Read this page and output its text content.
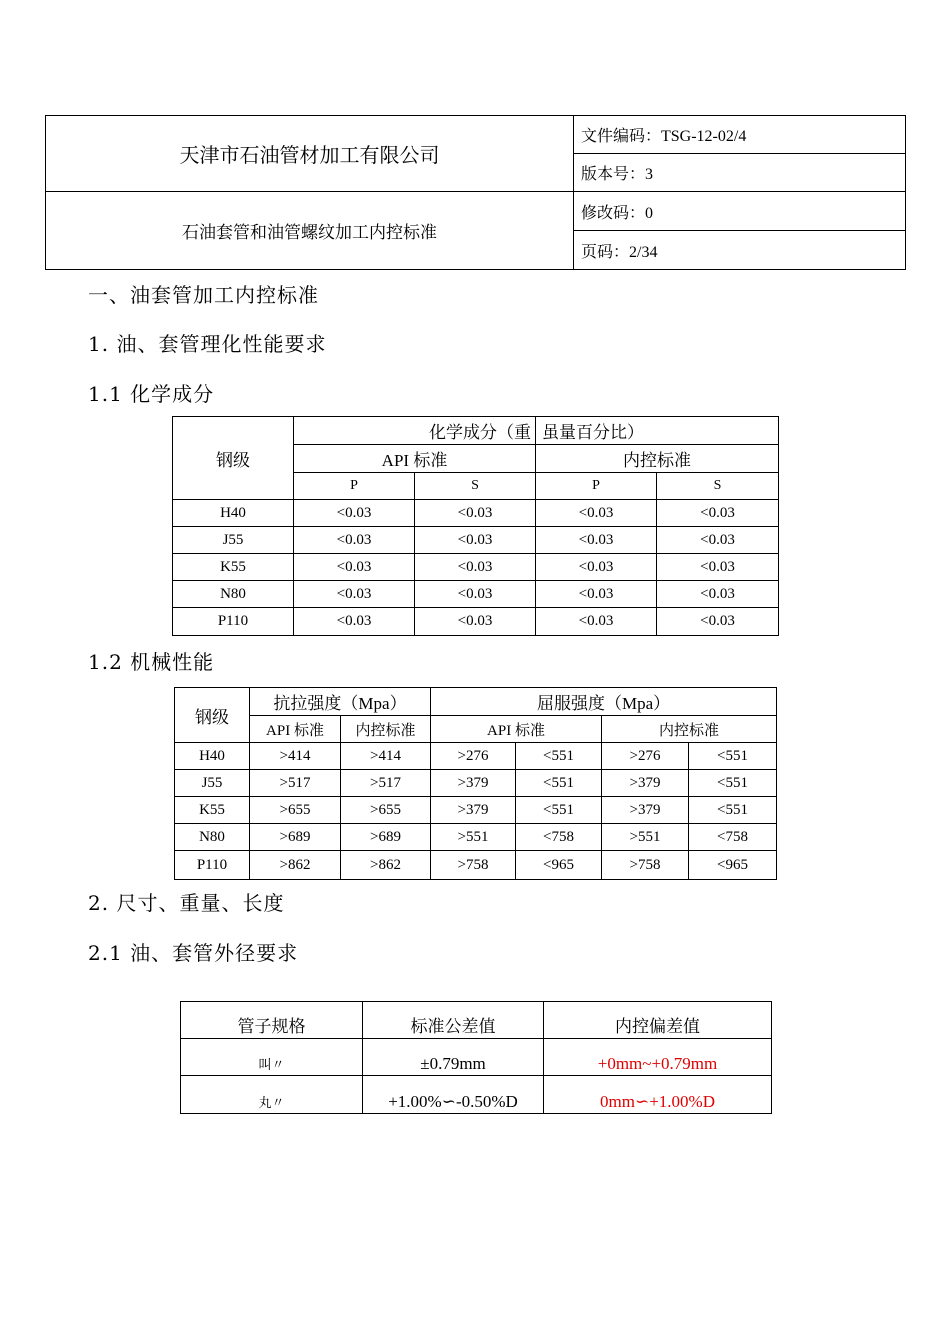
天津市石油管材加工有限公司	文件编码：TSG-12-02/4
	版本号：3
石油套管和油管螺纹加工内控标准	修改码：0
	页码：2/34
一、油套管加工内控标准
1. 油、套管理化性能要求
1.1 化学成分
钢级	化学成分（重		虽量百分比）	
	API 标准		内控标准	
	P	S	P	S
H40	<0.03	<0.03	<0.03	<0.03
J55	<0.03	<0.03	<0.03	<0.03
K55	<0.03	<0.03	<0.03	<0.03
N80	<0.03	<0.03	<0.03	<0.03
P110	<0.03	<0.03	<0.03	<0.03
1.2 机械性能
钢级	抗拉强度（Mpa）		屈服强度（Mpa）			
	API 标准	内控标准	API 标准		内控标准	
H40	>414	>414	>276	<551	>276	<551
J55	>517	>517	>379	<551	>379	<551
K55	>655	>655	>379	<551	>379	<551
N80	>689	>689	>551	<758	>551	<758
P110	>862	>862	>758	<965	>758	<965
2. 尺寸、重量、长度
2.1 油、套管外径要求
管子规格	标准公差值	内控偏差值
叫〃	±0.79mm	+0mm~+0.79mm
丸〃	+1.00%∽-0.50%D	0mm∽+1.00%D
